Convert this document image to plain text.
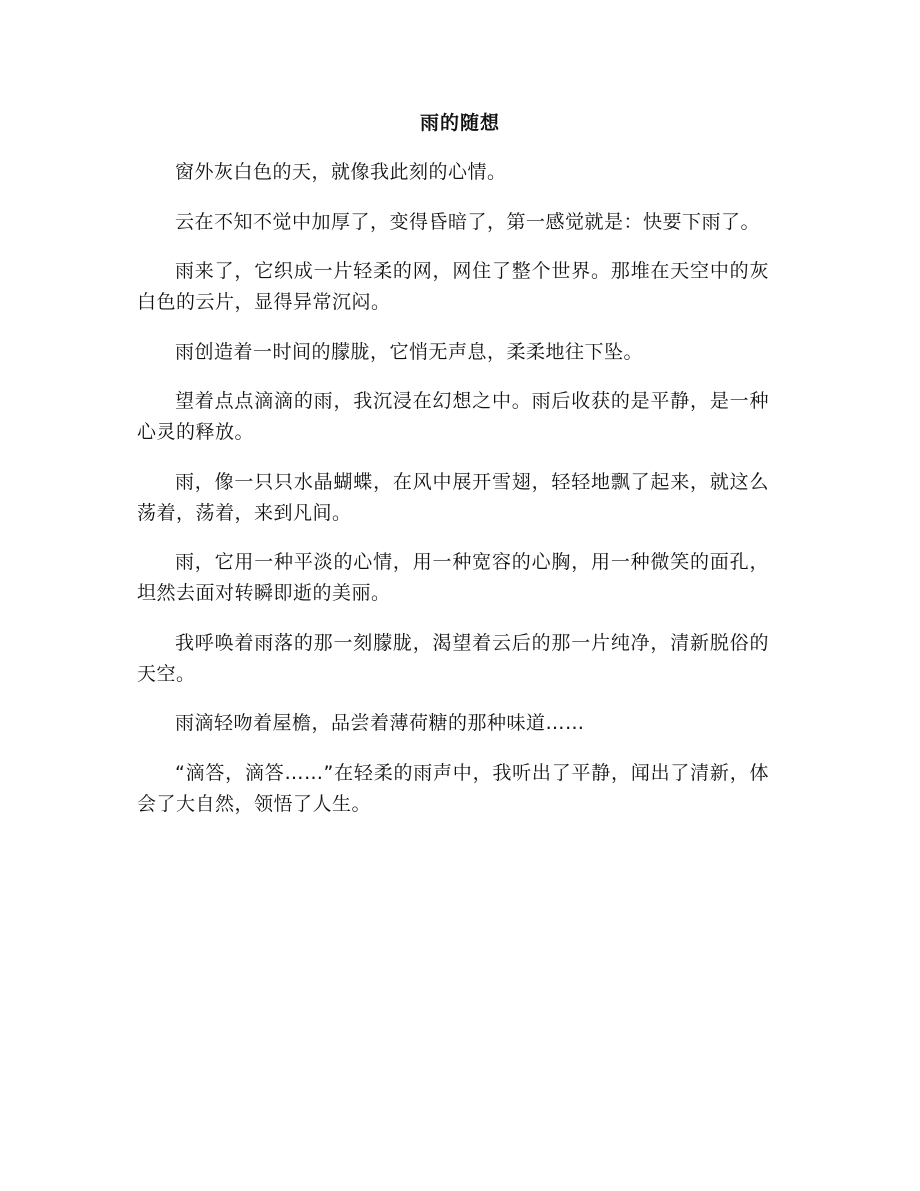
雨的随想

窗外灰白色的天，就像我此刻的心情。

云在不知不觉中加厚了，变得昏暗了，第一感觉就是：快要下雨了。

雨来了，它织成一片轻柔的网，网住了整个世界。那堆在天空中的灰白色的云片，显得异常沉闷。

雨创造着一时间的朦胧，它悄无声息，柔柔地往下坠。

望着点点滴滴的雨，我沉浸在幻想之中。雨后收获的是平静，是一种心灵的释放。

雨，像一只只水晶蝴蝶，在风中展开雪翅，轻轻地飘了起来，就这么荡着，荡着，来到凡间。

雨，它用一种平淡的心情，用一种宽容的心胸，用一种微笑的面孔，坦然去面对转瞬即逝的美丽。

我呼唤着雨落的那一刻朦胧，渴望着云后的那一片纯净，清新脱俗的天空。

雨滴轻吻着屋檐，品尝着薄荷糖的那种味道……

“滴答，滴答……”在轻柔的雨声中，我听出了平静，闻出了清新，体会了大自然，领悟了人生。
